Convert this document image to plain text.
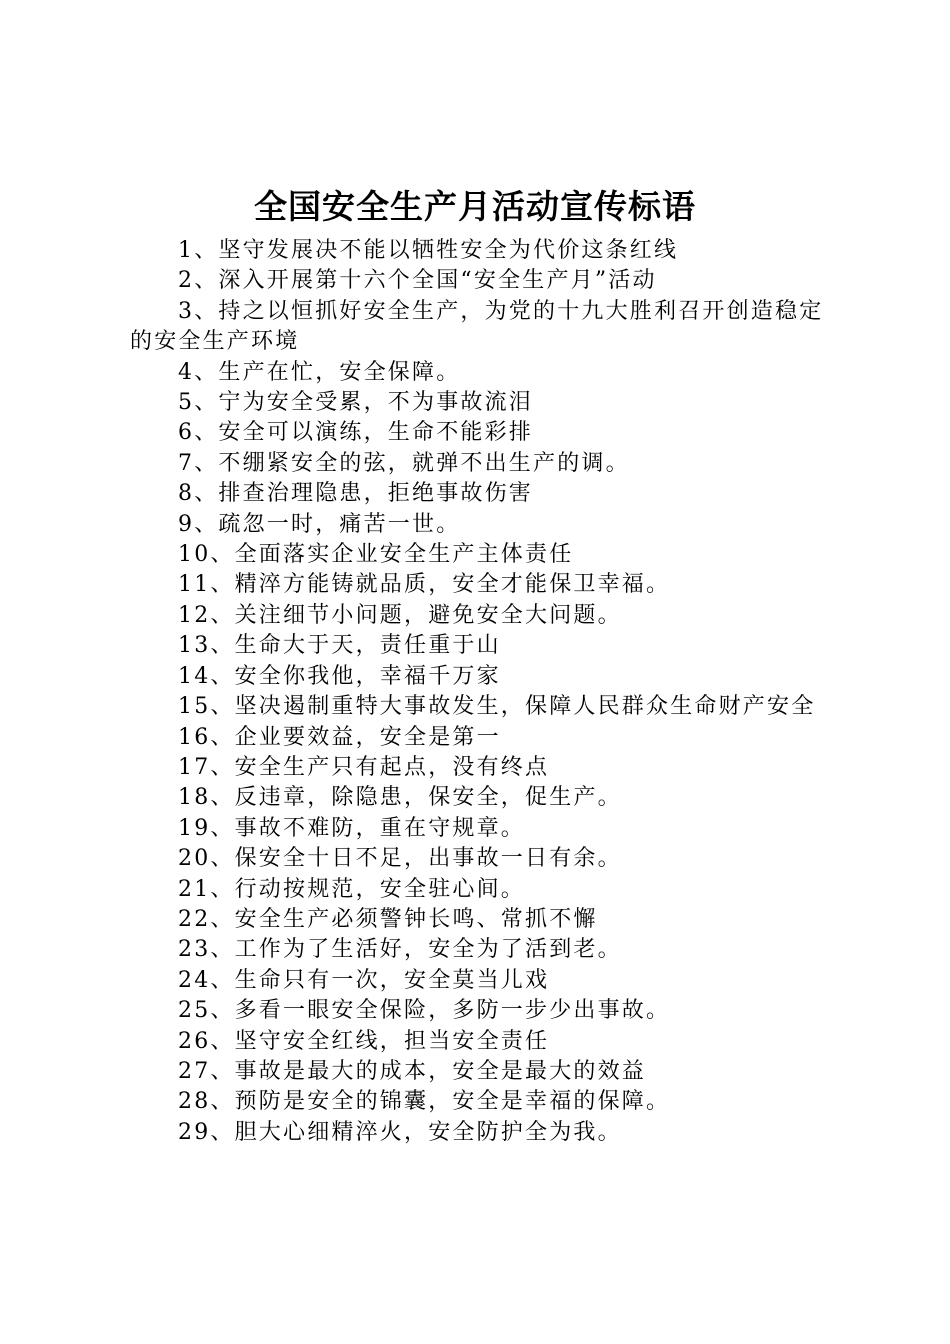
全国安全生产月活动宣传标语
1、坚守发展决不能以牺牲安全为代价这条红线
2、深入开展第十六个全国“安全生产月”活动
3、持之以恒抓好安全生产，为党的十九大胜利召开创造稳定的安全生产环境
4、生产在忙，安全保障。
5、宁为安全受累，不为事故流泪
6、安全可以演练，生命不能彩排
7、不绷紧安全的弦，就弹不出生产的调。
8、排查治理隐患，拒绝事故伤害
9、疏忽一时，痛苦一世。
10、全面落实企业安全生产主体责任
11、精淬方能铸就品质，安全才能保卫幸福。
12、关注细节小问题，避免安全大问题。
13、生命大于天，责任重于山
14、安全你我他，幸福千万家
15、坚决遏制重特大事故发生，保障人民群众生命财产安全
16、企业要效益，安全是第一
17、安全生产只有起点，没有终点
18、反违章，除隐患，保安全，促生产。
19、事故不难防，重在守规章。
20、保安全十日不足，出事故一日有余。
21、行动按规范，安全驻心间。
22、安全生产必须警钟长鸣、常抓不懈
23、工作为了生活好，安全为了活到老。
24、生命只有一次，安全莫当儿戏
25、多看一眼安全保险，多防一步少出事故。
26、坚守安全红线，担当安全责任
27、事故是最大的成本，安全是最大的效益
28、预防是安全的锦囊，安全是幸福的保障。
29、胆大心细精淬火，安全防护全为我。
